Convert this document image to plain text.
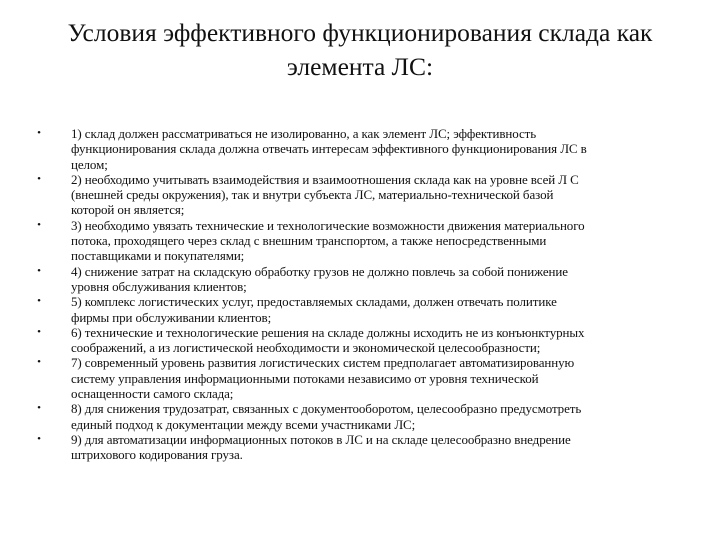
Условия эффективного функционирования склада как
элемента ЛС:
•	1) склад должен рассматриваться не изолированно, а как элемент ЛС; эффективность
функционирования склада должна отвечать интересам эффективного функционирования ЛС в
целом;
•	2) необходимо учитывать взаимодействия и взаимоотношения склада как на уровне всей Л С
(внешней среды окружения), так и внутри субъекта ЛС, материально-технической базой
которой он является;
•	3) необходимо увязать технические и технологические возможности движения материального
потока, проходящего через склад с внешним транспортом, а также непосредственными
поставщиками и покупателями;
•	4) снижение затрат на складскую обработку грузов не должно повлечь за собой понижение
уровня обслуживания клиентов;
•	5) комплекс логистических услуг, предоставляемых складами, должен отвечать политике
фирмы при обслуживании клиентов;
•	6) технические и технологические решения на складе должны исходить не из конъюнктурных
соображений, а из логистической необходимости и экономической целесообразности;
•	7) современный уровень развития логистических систем предполагает автоматизированную
систему управления информационными потоками независимо от уровня технической
оснащенности самого склада;
•	8) для снижения трудозатрат, связанных с документооборотом, целесообразно предусмотреть
единый подход к документации между всеми участниками ЛС;
•	9) для автоматизации информационных потоков в ЛС и на складе целесообразно внедрение
штрихового кодирования груза.
